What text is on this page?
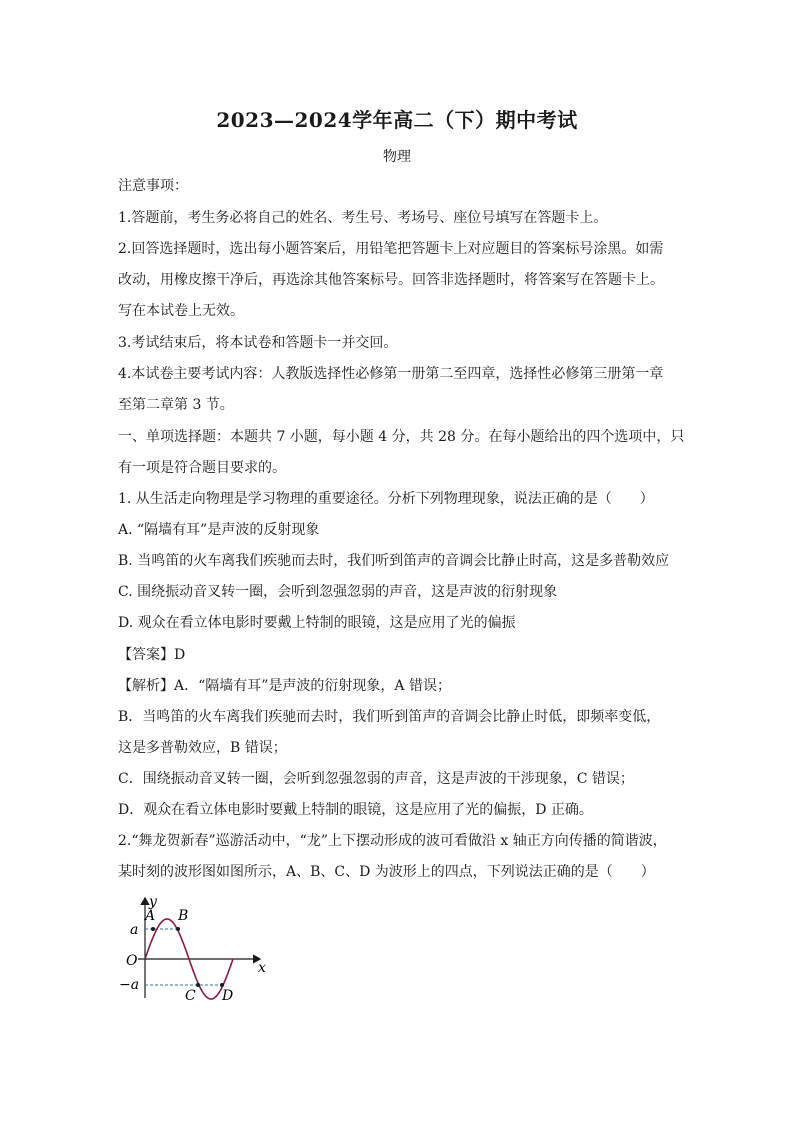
2023—2024学年高二（下）期中考试
物理
注意事项：
1.答题前，考生务必将自己的姓名、考生号、考场号、座位号填写在答题卡上。
2.回答选择题时，选出每小题答案后，用铅笔把答题卡上对应题目的答案标号涂黑。如需
改动，用橡皮擦干净后，再选涂其他答案标号。回答非选择题时，将答案写在答题卡上。
写在本试卷上无效。
3.考试结束后，将本试卷和答题卡一并交回。
4.本试卷主要考试内容：人教版选择性必修第一册第二至四章，选择性必修第三册第一章
至第二章第 3 节。
一、单项选择题：本题共 7 小题，每小题 4 分，共 28 分。在每小题给出的四个选项中，只
有一项是符合题目要求的。
1. 从生活走向物理是学习物理的重要途径。分析下列物理现象，说法正确的是（　　）
A. “隔墙有耳”是声波的反射现象
B. 当鸣笛的火车离我们疾驰而去时，我们听到笛声的音调会比静止时高，这是多普勒效应
C. 围绕振动音叉转一圈，会听到忽强忽弱的声音，这是声波的衍射现象
D. 观众在看立体电影时要戴上特制的眼镜，这是应用了光的偏振
【答案】D
【解析】A．“隔墙有耳”是声波的衍射现象，A 错误；
B．当鸣笛的火车离我们疾驰而去时，我们听到笛声的音调会比静止时低，即频率变低，
这是多普勒效应，B 错误；
C．围绕振动音叉转一圈，会听到忽强忽弱的声音，这是声波的干涉现象，C 错误；
D．观众在看立体电影时要戴上特制的眼镜，这是应用了光的偏振，D 正确。
2.“舞龙贺新春”巡游活动中，“龙”上下摆动形成的波可看做沿 x 轴正方向传播的简谐波，
某时刻的波形图如图所示，A、B、C、D 为波形上的四点，下列说法正确的是（　　）
y
x
O
a
−a
A B
C D
